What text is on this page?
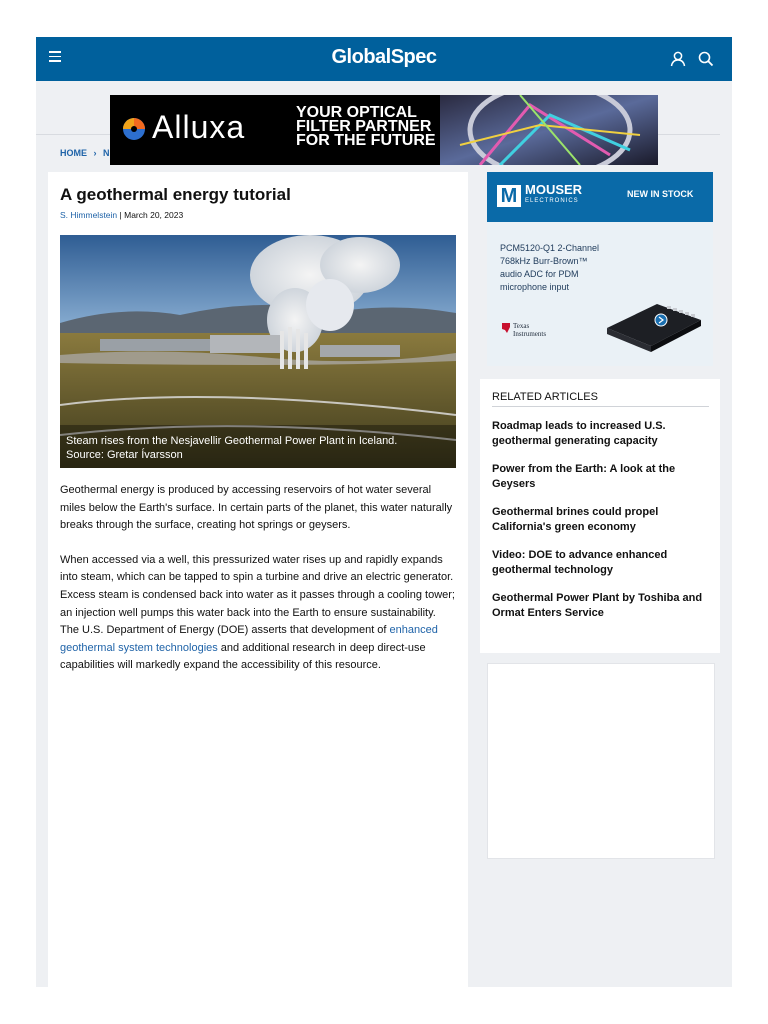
GlobalSpec
HOME › N
Alluxa	YOUR OPTICAL
FILTER PARTNER
FOR THE FUTURE
A geothermal energy tutorial
S. Himmelstein | March 20, 2023
Steam rises from the Nesjavellir Geothermal Power Plant in Iceland.
Source: Gretar Ívarsson

Geothermal energy is produced by accessing reservoirs of hot water several miles below the Earth's surface. In certain parts of the planet, this water naturally breaks through the surface, creating hot springs or geysers.

When accessed via a well, this pressurized water rises up and rapidly expands into steam, which can be tapped to spin a turbine and drive an electric generator. Excess steam is condensed back into water as it passes through a cooling tower; an injection well pumps this water back into the Earth to ensure sustainability. The U.S. Department of Energy (DOE) asserts that development of enhanced geothermal system technologies and additional research in deep direct-use capabilities will markedly expand the accessibility of this resource.

M MOUSER
ELECTRONICS
NEW IN STOCK
PCM5120-Q1 2-Channel
768kHz Burr-Brown™
audio ADC for PDM
microphone input
Texas
Instruments
RELATED ARTICLES
Roadmap leads to increased U.S. geothermal generating capacity
Power from the Earth: A look at the Geysers
Geothermal brines could propel California's green economy
Video: DOE to advance enhanced geothermal technology
Geothermal Power Plant by Toshiba and Ormat Enters Service
